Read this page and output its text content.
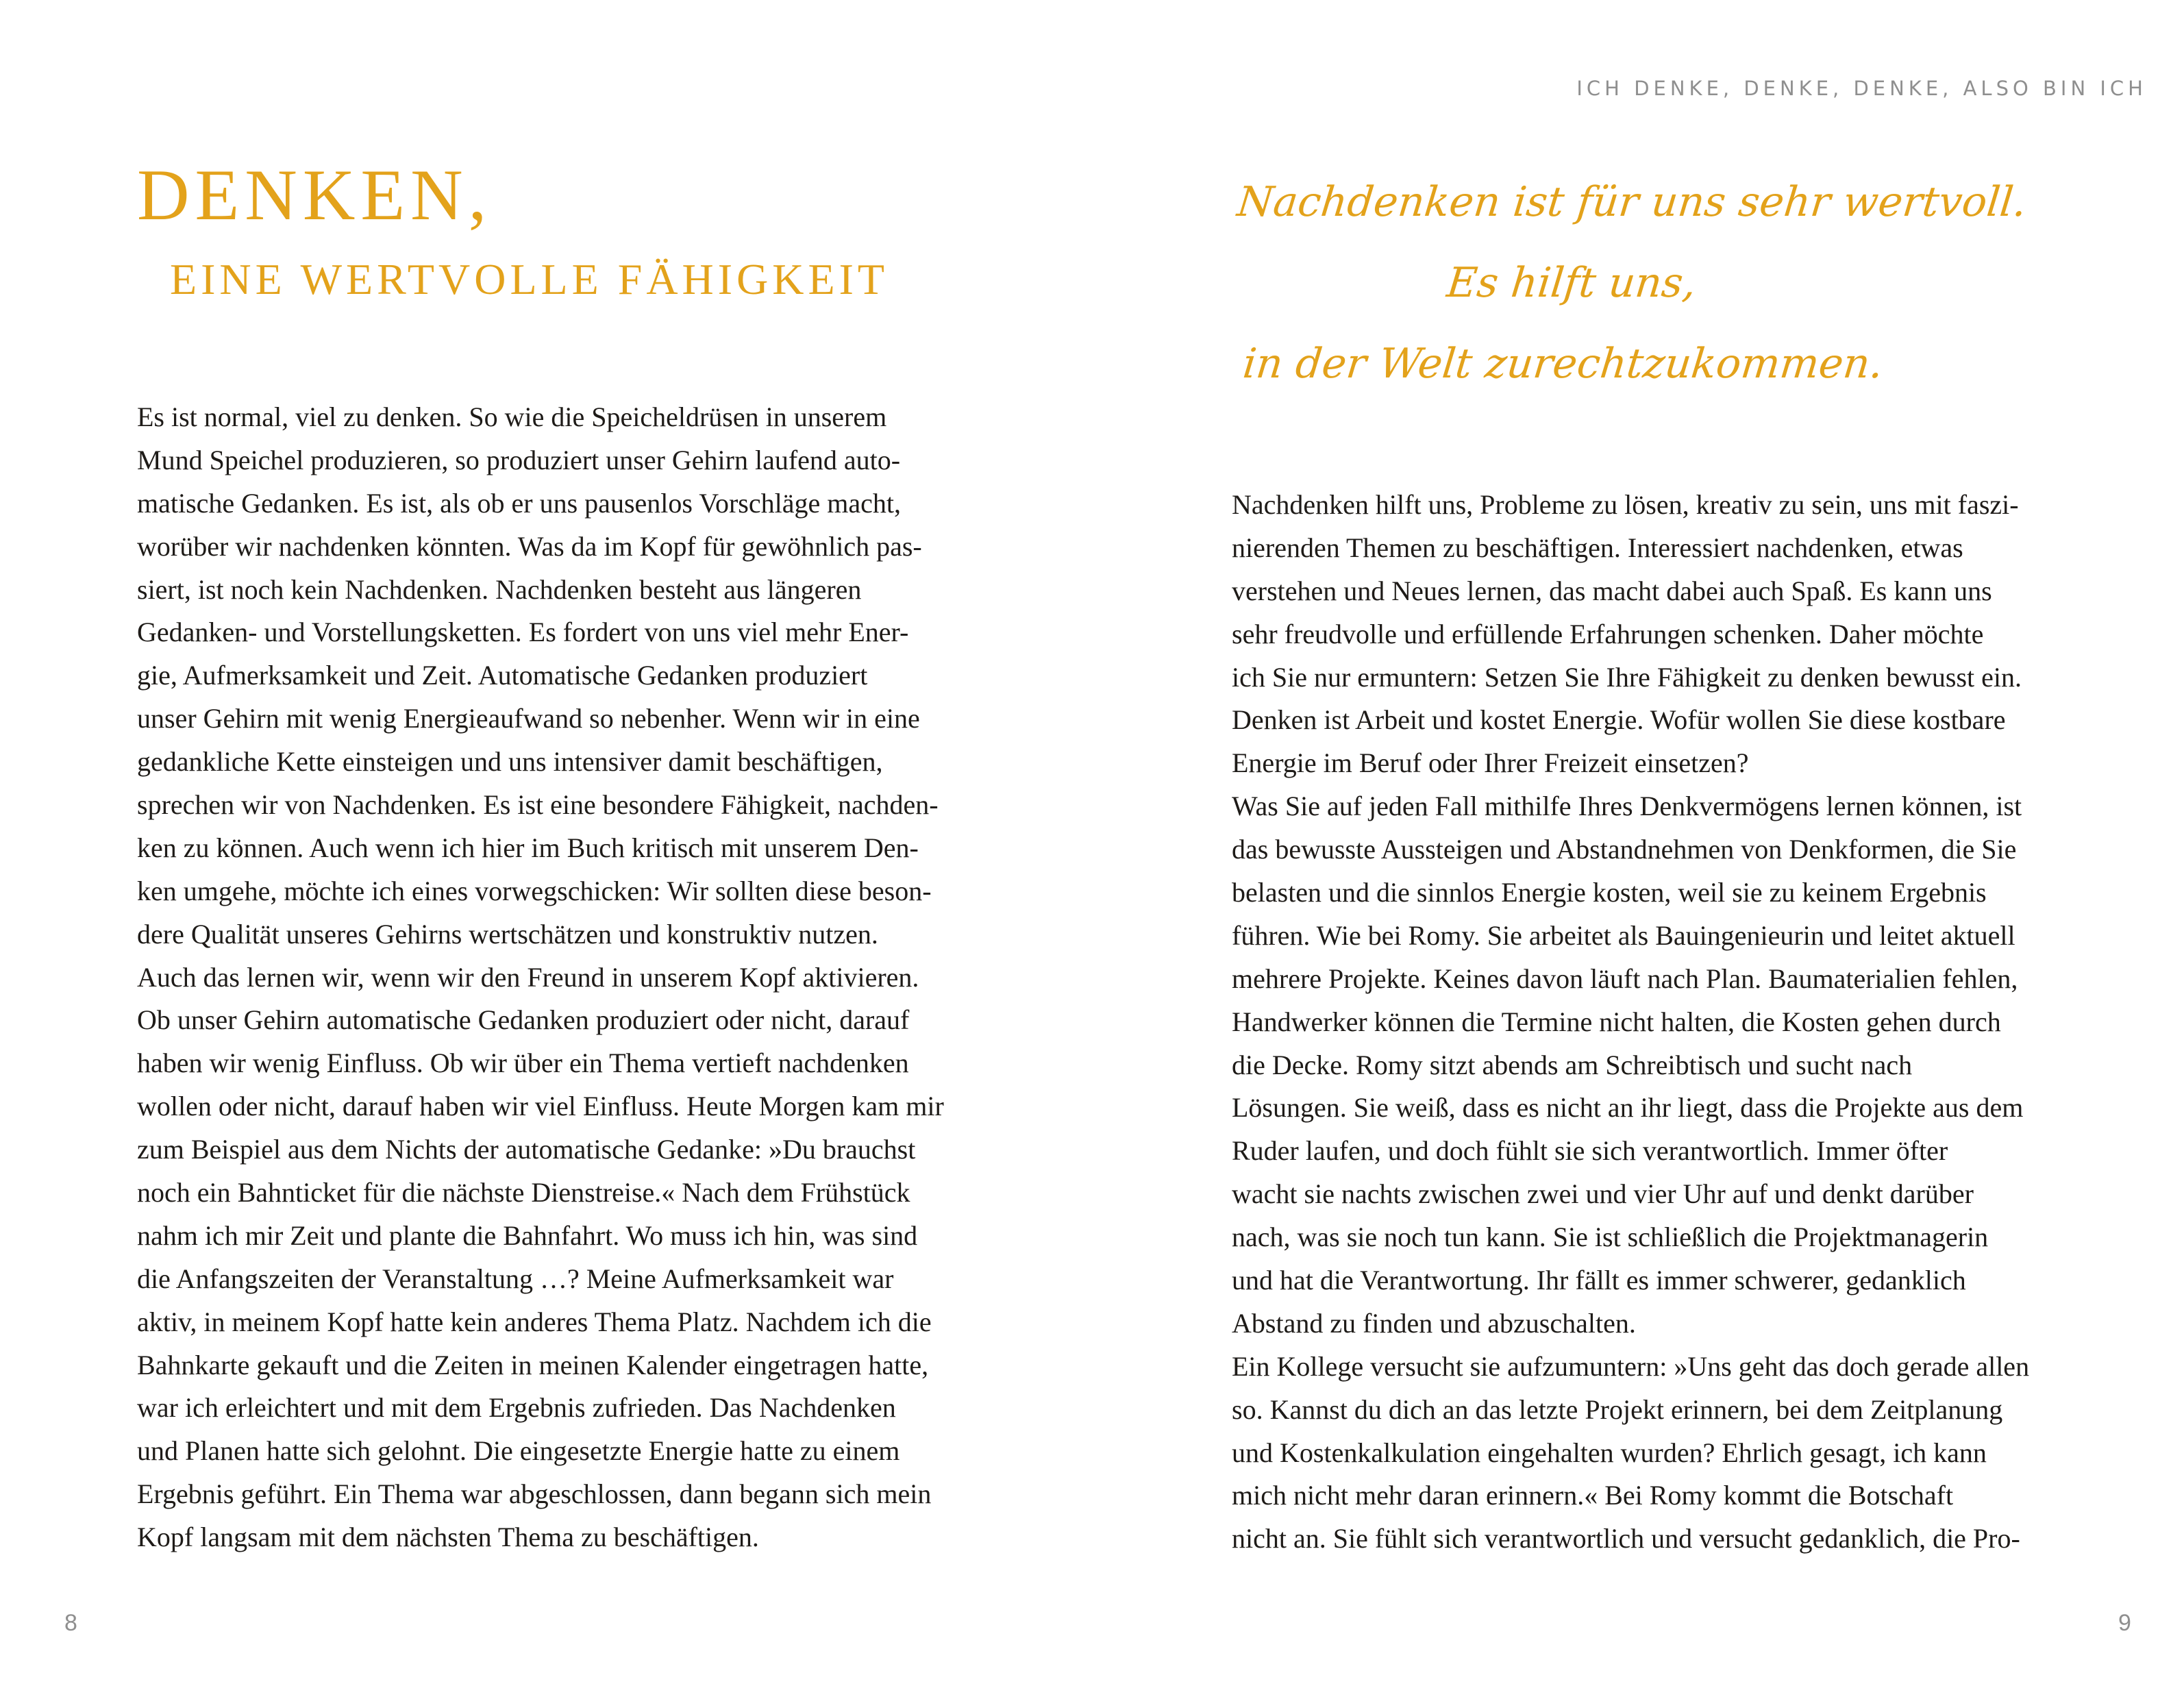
DENKEN,
EINE WERTVOLLE FÄHIGKEIT
Es ist normal, viel zu denken. So wie die Speicheldrüsen in unserem
Mund Speichel produzieren, so produziert unser Gehirn laufend auto-
matische Gedanken. Es ist, als ob er uns pausenlos Vorschläge macht,
worüber wir nachdenken könnten. Was da im Kopf für gewöhnlich pas-
siert, ist noch kein Nachdenken. Nachdenken besteht aus längeren
Gedanken- und Vorstellungsketten. Es fordert von uns viel mehr Ener-
gie, Aufmerksamkeit und Zeit. Automatische Gedanken produziert
unser Gehirn mit wenig Energieaufwand so nebenher. Wenn wir in eine
gedankliche Kette einsteigen und uns intensiver damit beschäftigen,
sprechen wir von Nachdenken. Es ist eine besondere Fähigkeit, nachden-
ken zu können. Auch wenn ich hier im Buch kritisch mit unserem Den-
ken umgehe, möchte ich eines vorwegschicken: Wir sollten diese beson-
dere Qualität unseres Gehirns wertschätzen und konstruktiv nutzen.
Auch das lernen wir, wenn wir den Freund in unserem Kopf aktivieren.
Ob unser Gehirn automatische Gedanken produziert oder nicht, darauf
haben wir wenig Einfluss. Ob wir über ein Thema vertieft nachdenken
wollen oder nicht, darauf haben wir viel Einfluss. Heute Morgen kam mir
zum Beispiel aus dem Nichts der automatische Gedanke: »Du brauchst
noch ein Bahnticket für die nächste Dienstreise.« Nach dem Frühstück
nahm ich mir Zeit und plante die Bahnfahrt. Wo muss ich hin, was sind
die Anfangszeiten der Veranstaltung …? Meine Aufmerksamkeit war
aktiv, in meinem Kopf hatte kein anderes Thema Platz. Nachdem ich die
Bahnkarte gekauft und die Zeiten in meinen Kalender eingetragen hatte,
war ich erleichtert und mit dem Ergebnis zufrieden. Das Nachdenken
und Planen hatte sich gelohnt. Die eingesetzte Energie hatte zu einem
Ergebnis geführt. Ein Thema war abgeschlossen, dann begann sich mein
Kopf langsam mit dem nächsten Thema zu beschäftigen.
8
ICH DENKE, DENKE, DENKE, ALSO BIN ICH
Nachdenken ist für uns sehr wertvoll.
Es hilft uns,
in der Welt zurechtzukommen.
Nachdenken hilft uns, Probleme zu lösen, kreativ zu sein, uns mit faszi-
nierenden Themen zu beschäftigen. Interessiert nachdenken, etwas
verstehen und Neues lernen, das macht dabei auch Spaß. Es kann uns
sehr freudvolle und erfüllende Erfahrungen schenken. Daher möchte
ich Sie nur ermuntern: Setzen Sie Ihre Fähigkeit zu denken bewusst ein.
Denken ist Arbeit und kostet Energie. Wofür wollen Sie diese kostbare
Energie im Beruf oder Ihrer Freizeit einsetzen?
Was Sie auf jeden Fall mithilfe Ihres Denkvermögens lernen können, ist
das bewusste Aussteigen und Abstandnehmen von Denkformen, die Sie
belasten und die sinnlos Energie kosten, weil sie zu keinem Ergebnis
führen. Wie bei Romy. Sie arbeitet als Bauingenieurin und leitet aktuell
mehrere Projekte. Keines davon läuft nach Plan. Baumaterialien fehlen,
Handwerker können die Termine nicht halten, die Kosten gehen durch
die Decke. Romy sitzt abends am Schreibtisch und sucht nach
Lösungen. Sie weiß, dass es nicht an ihr liegt, dass die Projekte aus dem
Ruder laufen, und doch fühlt sie sich verantwortlich. Immer öfter
wacht sie nachts zwischen zwei und vier Uhr auf und denkt darüber
nach, was sie noch tun kann. Sie ist schließlich die Projektmanagerin
und hat die Verantwortung. Ihr fällt es immer schwerer, gedanklich
Abstand zu finden und abzuschalten.
Ein Kollege versucht sie aufzumuntern: »Uns geht das doch gerade allen
so. Kannst du dich an das letzte Projekt erinnern, bei dem Zeitplanung
und Kostenkalkulation eingehalten wurden? Ehrlich gesagt, ich kann
mich nicht mehr daran erinnern.« Bei Romy kommt die Botschaft
nicht an. Sie fühlt sich verantwortlich und versucht gedanklich, die Pro-
9
